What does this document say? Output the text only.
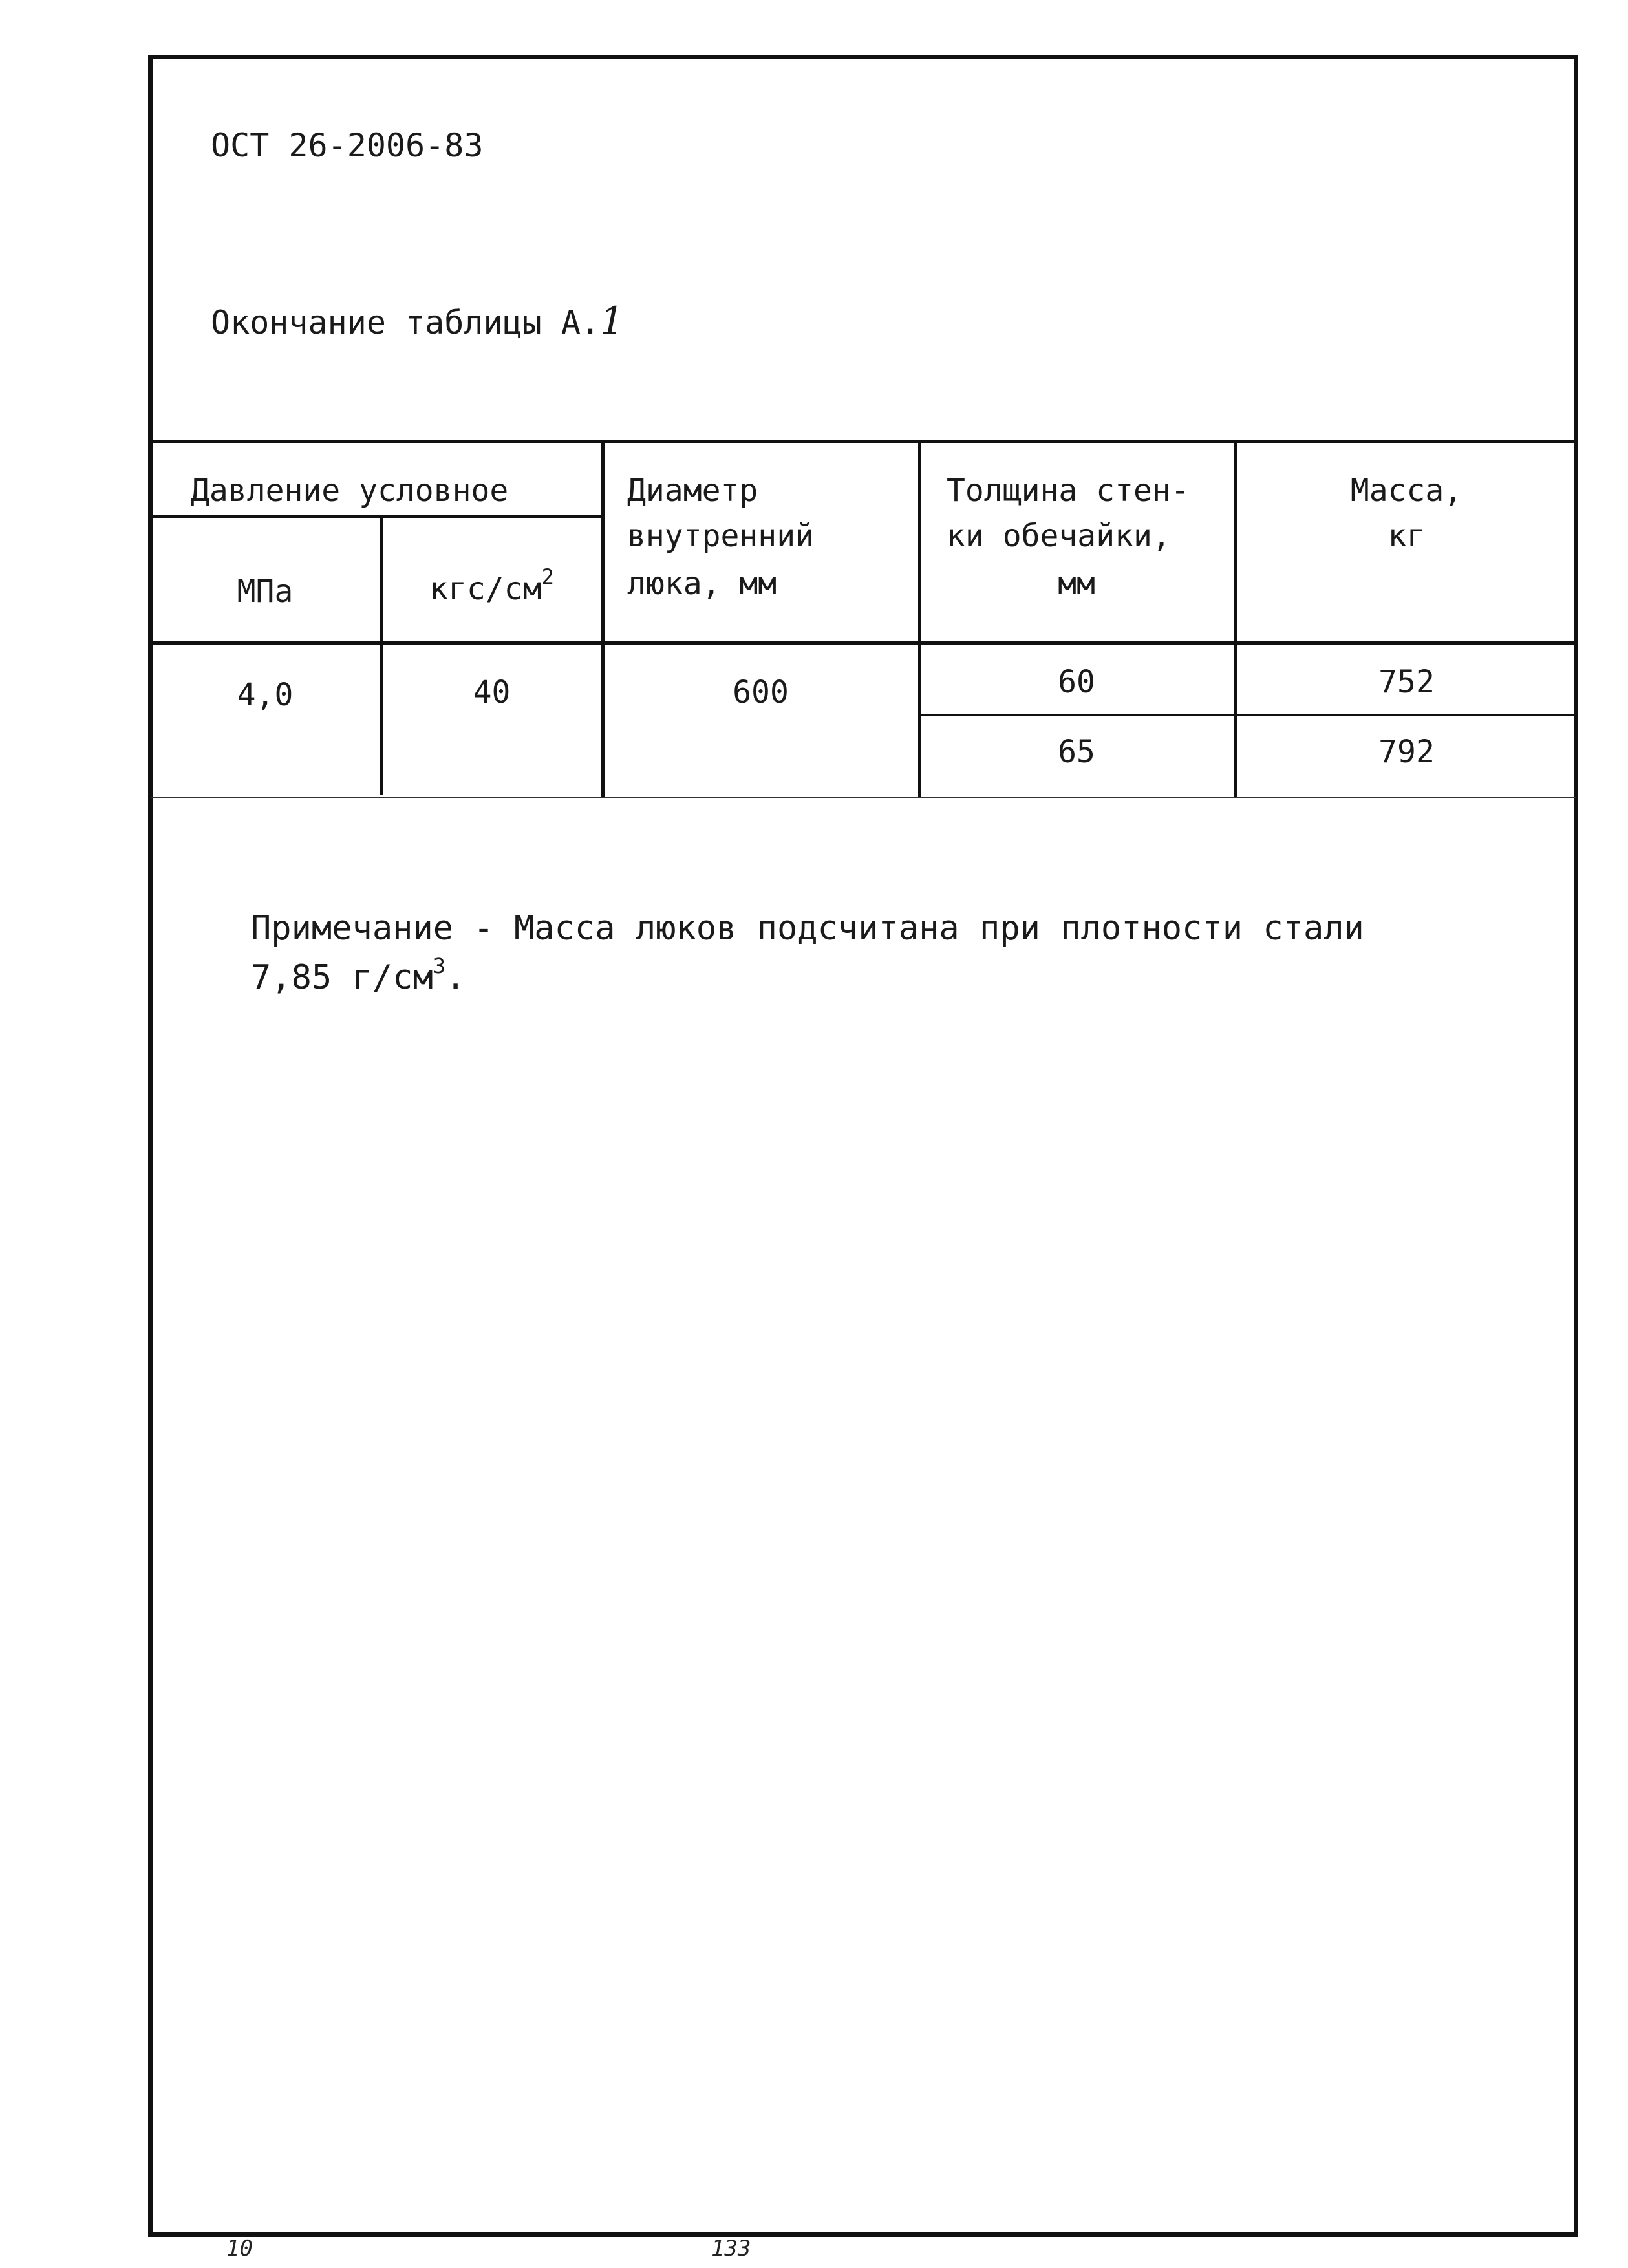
ОСТ 26-2006-83
Окончание таблицы А.1
Давление условное
МПа	кгс/$см^2$
Диаметр
внутренний
люка, мм
Толщина стен-
ки обечайки,
мм
Масса,
кг
4,0	40	600	60	752
65	792
Примечание - Масса люков подсчитана при плотности стали
7,85 $г/см^3$.
10	133
